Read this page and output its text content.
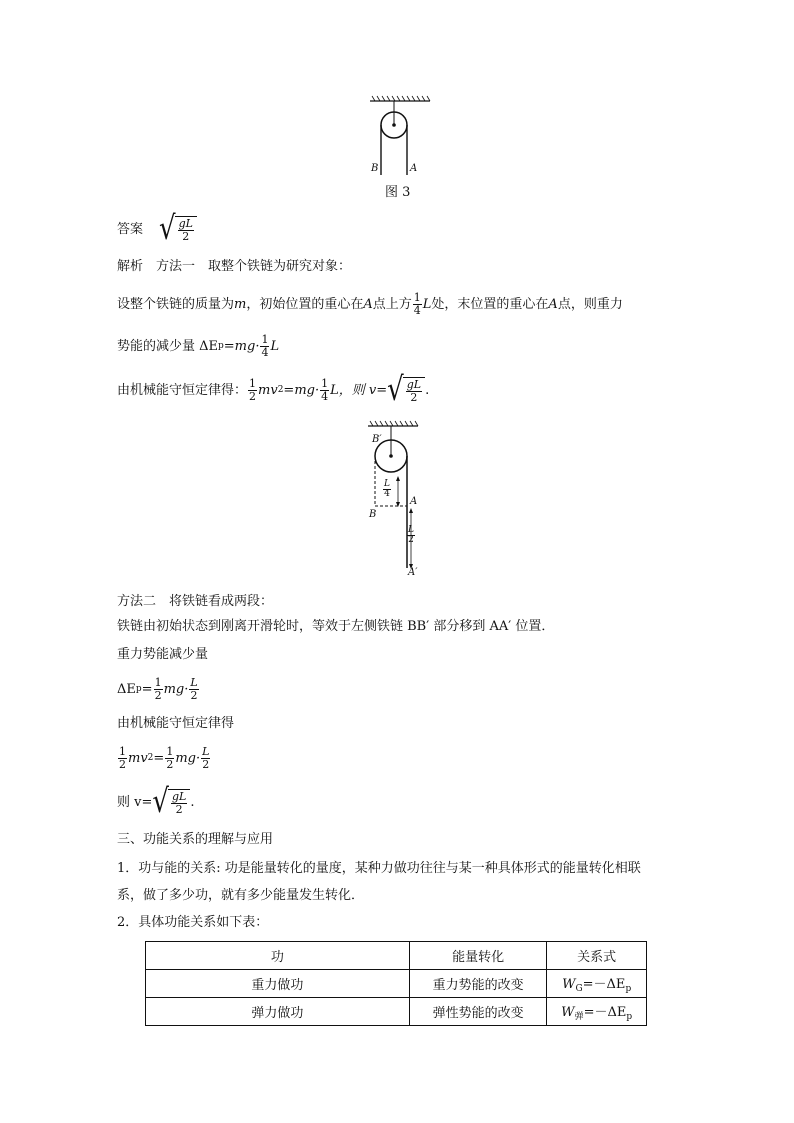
B	A
图 3
答案 √ $\frac{gL}{2}$
解析　方法一　取整个铁链为研究对象：
设整个铁链的质量为 m ，初始位置的重心在 A 点上方 $\frac{1}{4}$ L 处，末位置的重心在 A 点，则重力
势能的减少量 ΔE $p =mg\cdot \frac{1}{4}$ L
由机械能守恒定律得： $\frac{1}{2}$ mv $2 =mg\cdot \frac{1}{4}$ L，则 v= √ $\frac{gL}{2}$ .
B′
$\frac{L}{4}$
A
B
$\frac{L}{2}$
A′
方法二　将铁链看成两段：
铁链由初始状态到刚离开滑轮时，等效于左侧铁链 BB′ 部分移到 AA′ 位置．
重力势能减少量
ΔE $p = \frac{1}{2} mg\cdot \frac{L}{2}$
由机械能守恒定律得
$\frac{1}{2}$ mv $2 = \frac{1}{2} mg\cdot \frac{L}{2}$
则 v= √ $\frac{gL}{2}$ .
三、功能关系的理解与应用
1．功与能的关系: 功是能量转化的量度，某种力做功往往与某一种具体形式的能量转化相联
系，做了多少功，就有多少能量发生转化．
2．具体功能关系如下表：
功	能量转化	关系式
重力做功	重力势能的改变	$W_G=-\Delta E_p$
弹力做功	弹性势能的改变	$W_弹=-\Delta E_p$
